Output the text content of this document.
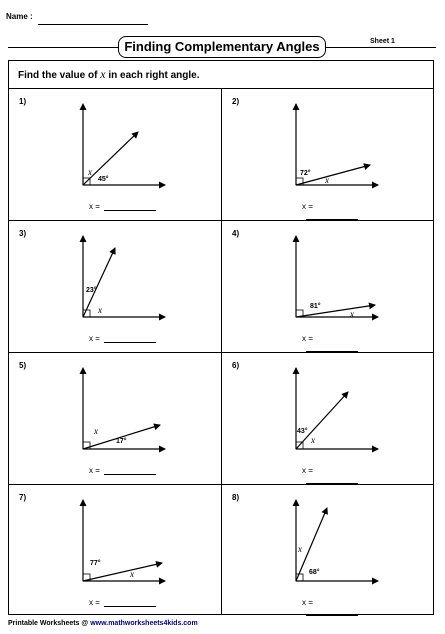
Name :
Finding Complementary Angles	Sheet 1
Find the value of x in each right angle.
1)
45°
x
x =
2)
72°
x
x =
3)
23°
x
x =
4)
81°
x
x =
5)
17°
x
x =
6)
43°
x
x =
7)
77°
x
x =
8)
68°
x
x =
Printable Worksheets @ www.mathworksheets4kids.com
